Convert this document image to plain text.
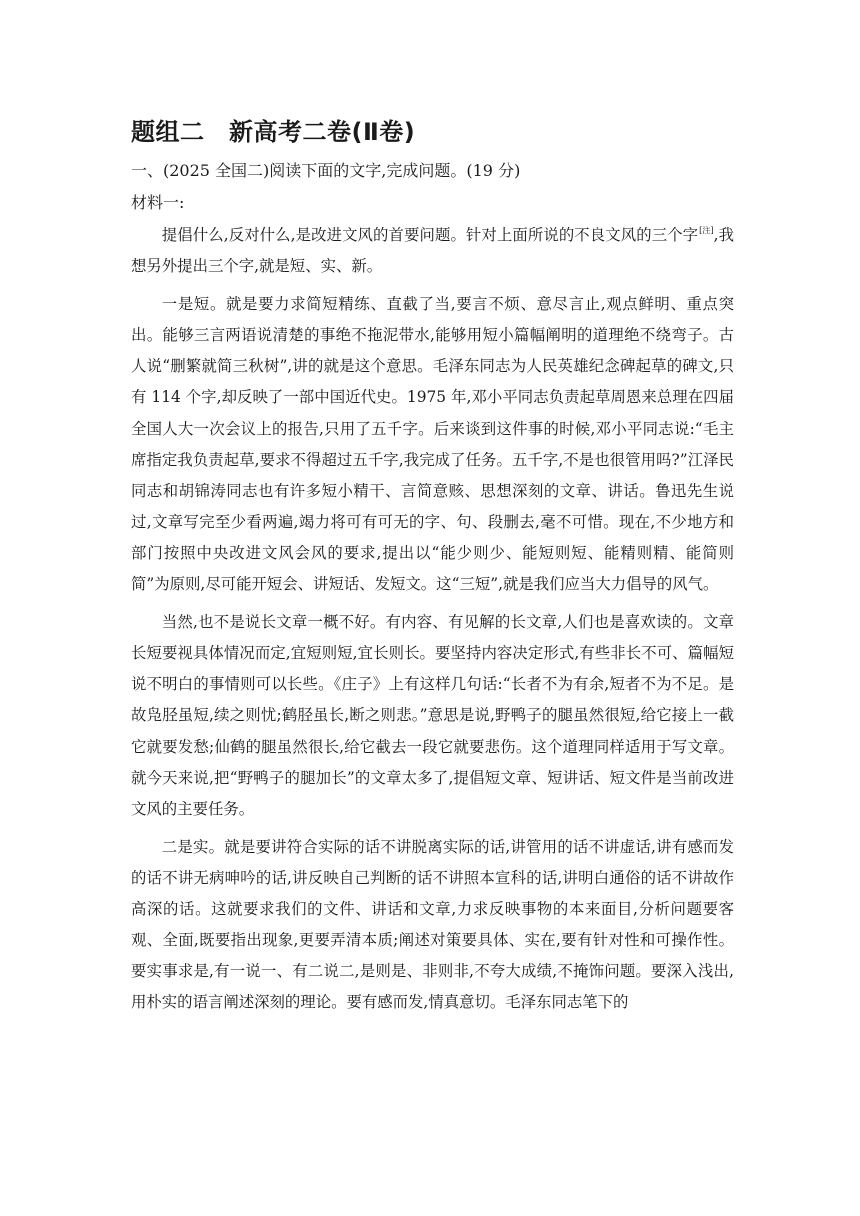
题组二　新高考二卷(Ⅱ卷)
一、(2025 全国二)阅读下面的文字,完成问题。(19 分)
材料一:

提倡什么,反对什么,是改进文风的首要问题。针对上面所说的不良文风的三个字[注],我想另外提出三个字,就是短、实、新。

一是短。就是要力求简短精练、直截了当,要言不烦、意尽言止,观点鲜明、重点突出。能够三言两语说清楚的事绝不拖泥带水,能够用短小篇幅阐明的道理绝不绕弯子。古人说“删繁就简三秋树”,讲的就是这个意思。毛泽东同志为人民英雄纪念碑起草的碑文,只有 114 个字,却反映了一部中国近代史。1975 年,邓小平同志负责起草周恩来总理在四届全国人大一次会议上的报告,只用了五千字。后来谈到这件事的时候,邓小平同志说:“毛主席指定我负责起草,要求不得超过五千字,我完成了任务。五千字,不是也很管用吗?”江泽民同志和胡锦涛同志也有许多短小精干、言简意赅、思想深刻的文章、讲话。鲁迅先生说过,文章写完至少看两遍,竭力将可有可无的字、句、段删去,毫不可惜。现在,不少地方和部门按照中央改进文风会风的要求,提出以“能少则少、能短则短、能精则精、能简则简”为原则,尽可能开短会、讲短话、发短文。这“三短”,就是我们应当大力倡导的风气。

当然,也不是说长文章一概不好。有内容、有见解的长文章,人们也是喜欢读的。文章长短要视具体情况而定,宜短则短,宜长则长。要坚持内容决定形式,有些非长不可、篇幅短说不明白的事情则可以长些。《庄子》上有这样几句话:“长者不为有余,短者不为不足。是故凫胫虽短,续之则忧;鹤胫虽长,断之则悲。”意思是说,野鸭子的腿虽然很短,给它接上一截它就要发愁;仙鹤的腿虽然很长,给它截去一段它就要悲伤。这个道理同样适用于写文章。就今天来说,把“野鸭子的腿加长”的文章太多了,提倡短文章、短讲话、短文件是当前改进文风的主要任务。

二是实。就是要讲符合实际的话不讲脱离实际的话,讲管用的话不讲虚话,讲有感而发的话不讲无病呻吟的话,讲反映自己判断的话不讲照本宣科的话,讲明白通俗的话不讲故作高深的话。这就要求我们的文件、讲话和文章,力求反映事物的本来面目,分析问题要客观、全面,既要指出现象,更要弄清本质;阐述对策要具体、实在,要有针对性和可操作性。要实事求是,有一说一、有二说二,是则是、非则非,不夸大成绩,不掩饰问题。要深入浅出,用朴实的语言阐述深刻的理论。要有感而发,情真意切。毛泽东同志笔下的
